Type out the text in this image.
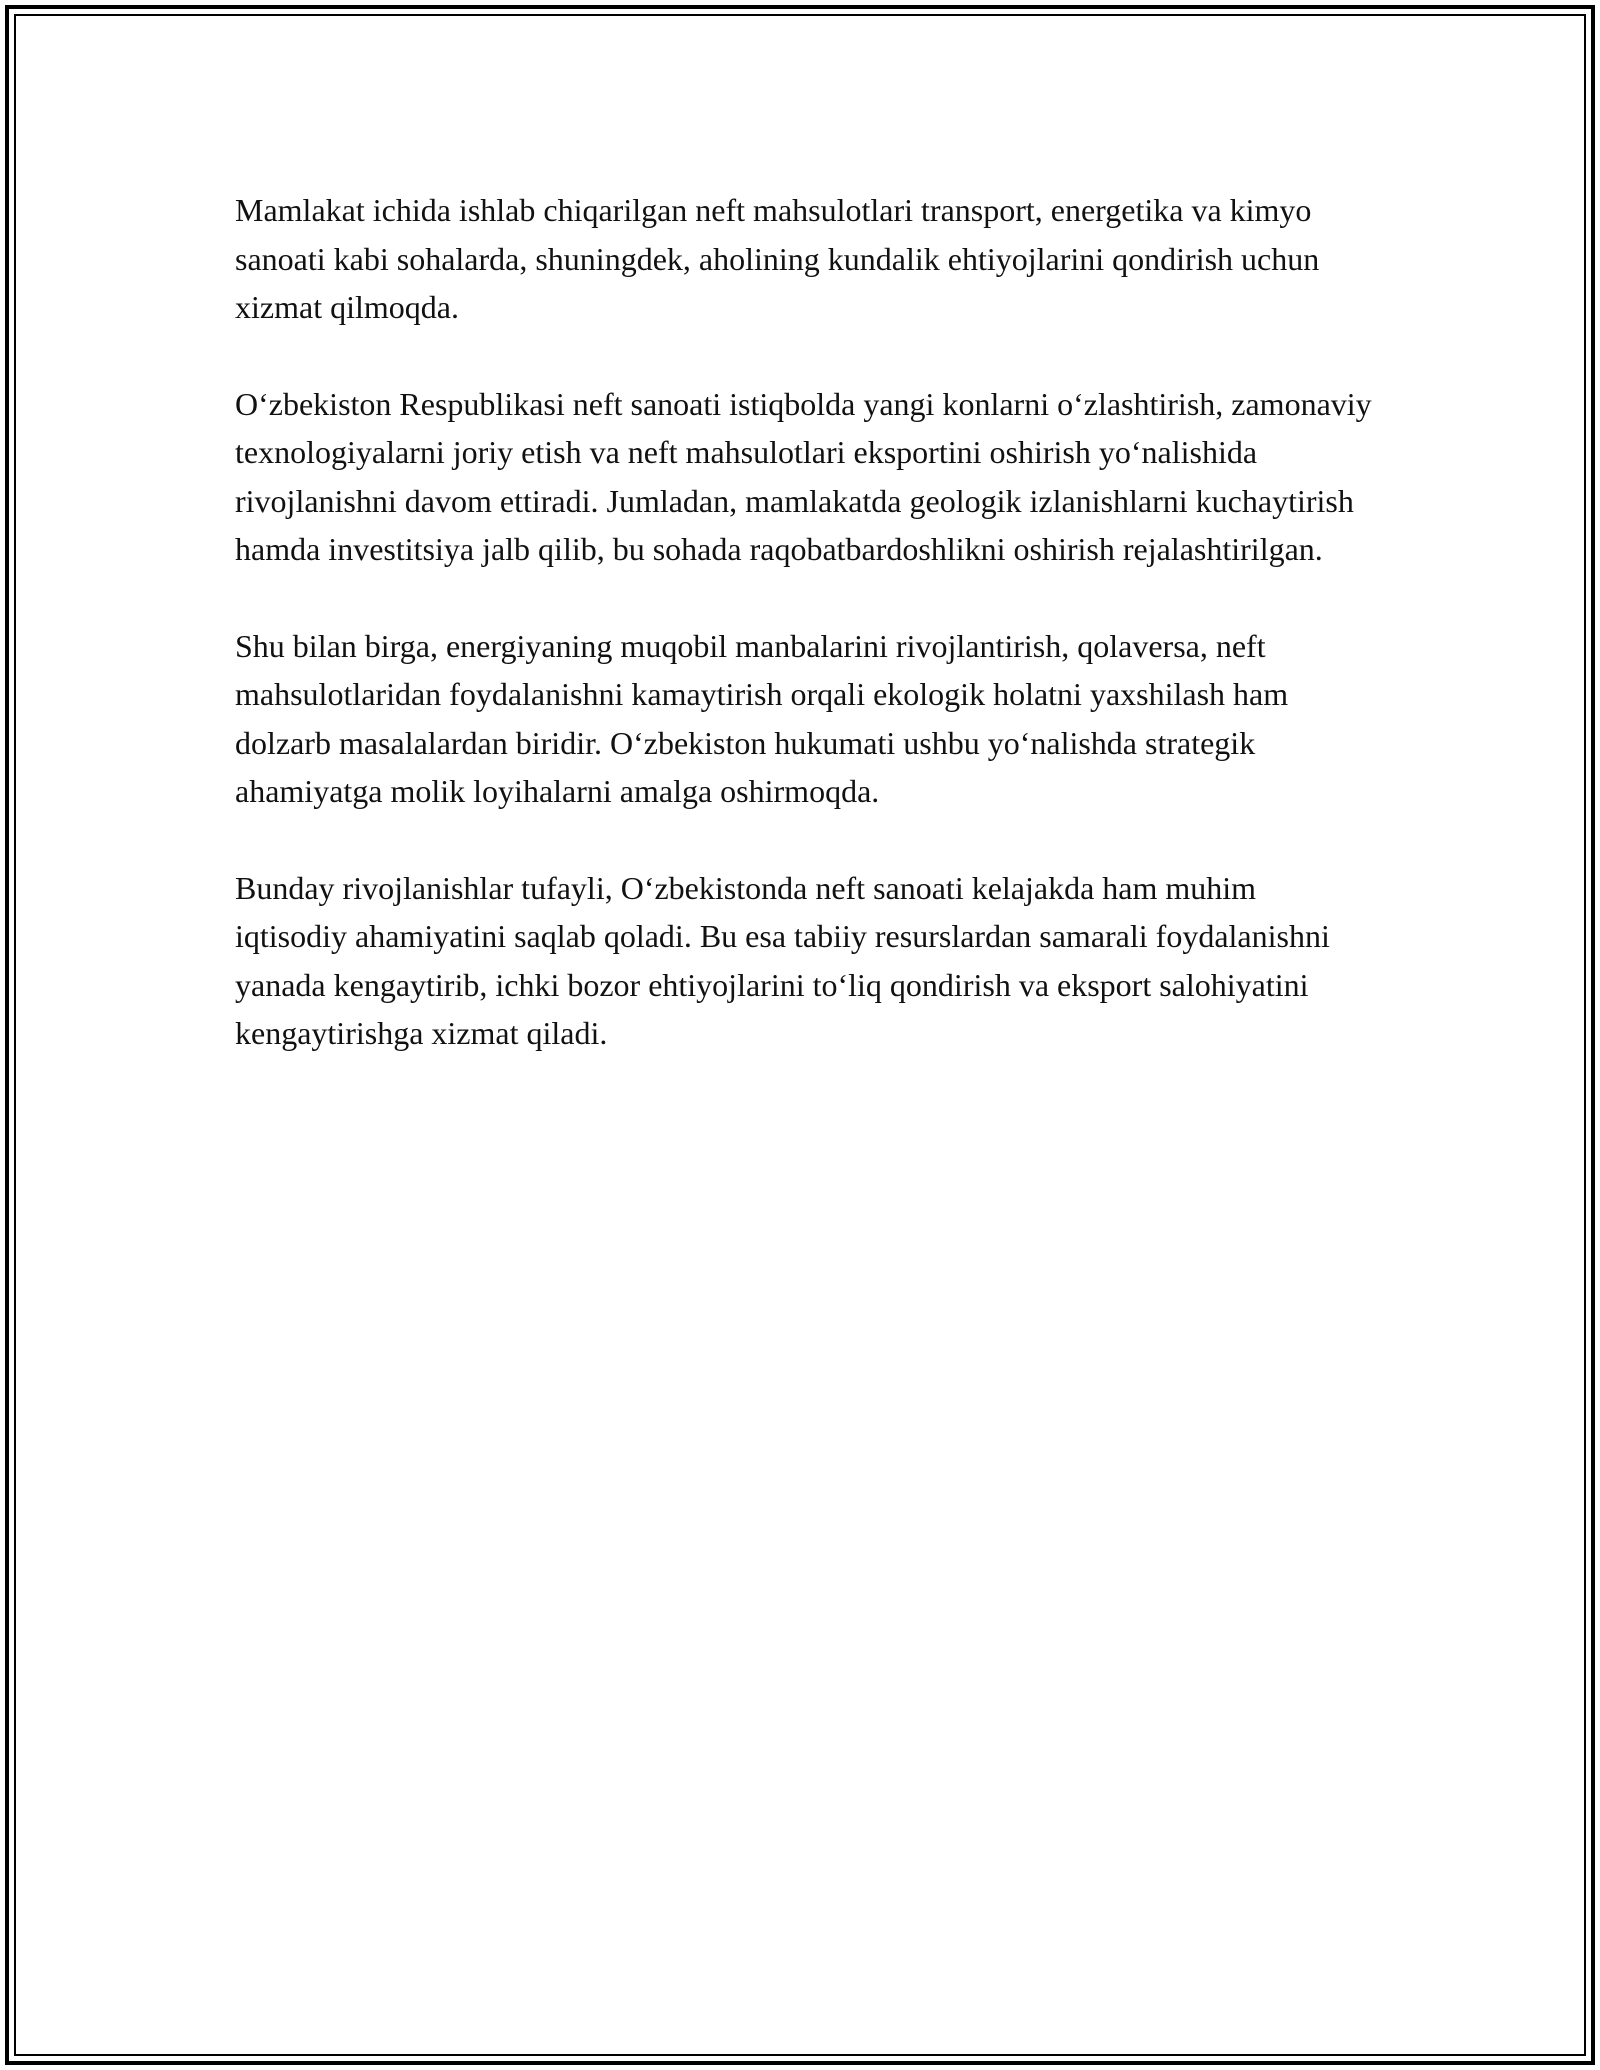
Mamlakat ichida ishlab chiqarilgan neft mahsulotlari transport, energetika va kimyo sanoati kabi sohalarda, shuningdek, aholining kundalik ehtiyojlarini qondirish uchun xizmat qilmoqda.

O‘zbekiston Respublikasi neft sanoati istiqbolda yangi konlarni o‘zlashtirish, zamonaviy texnologiyalarni joriy etish va neft mahsulotlari eksportini oshirish yo‘nalishida rivojlanishni davom ettiradi. Jumladan, mamlakatda geologik izlanishlarni kuchaytirish hamda investitsiya jalb qilib, bu sohada raqobatbardoshlikni oshirish rejalashtirilgan.

Shu bilan birga, energiyaning muqobil manbalarini rivojlantirish, qolaversa, neft mahsulotlaridan foydalanishni kamaytirish orqali ekologik holatni yaxshilash ham dolzarb masalalardan biridir. O‘zbekiston hukumati ushbu yo‘nalishda strategik ahamiyatga molik loyihalarni amalga oshirmoqda.

Bunday rivojlanishlar tufayli, O‘zbekistonda neft sanoati kelajakda ham muhim iqtisodiy ahamiyatini saqlab qoladi. Bu esa tabiiy resurslardan samarali foydalanishni yanada kengaytirib, ichki bozor ehtiyojlarini to‘liq qondirish va eksport salohiyatini kengaytirishga xizmat qiladi.
